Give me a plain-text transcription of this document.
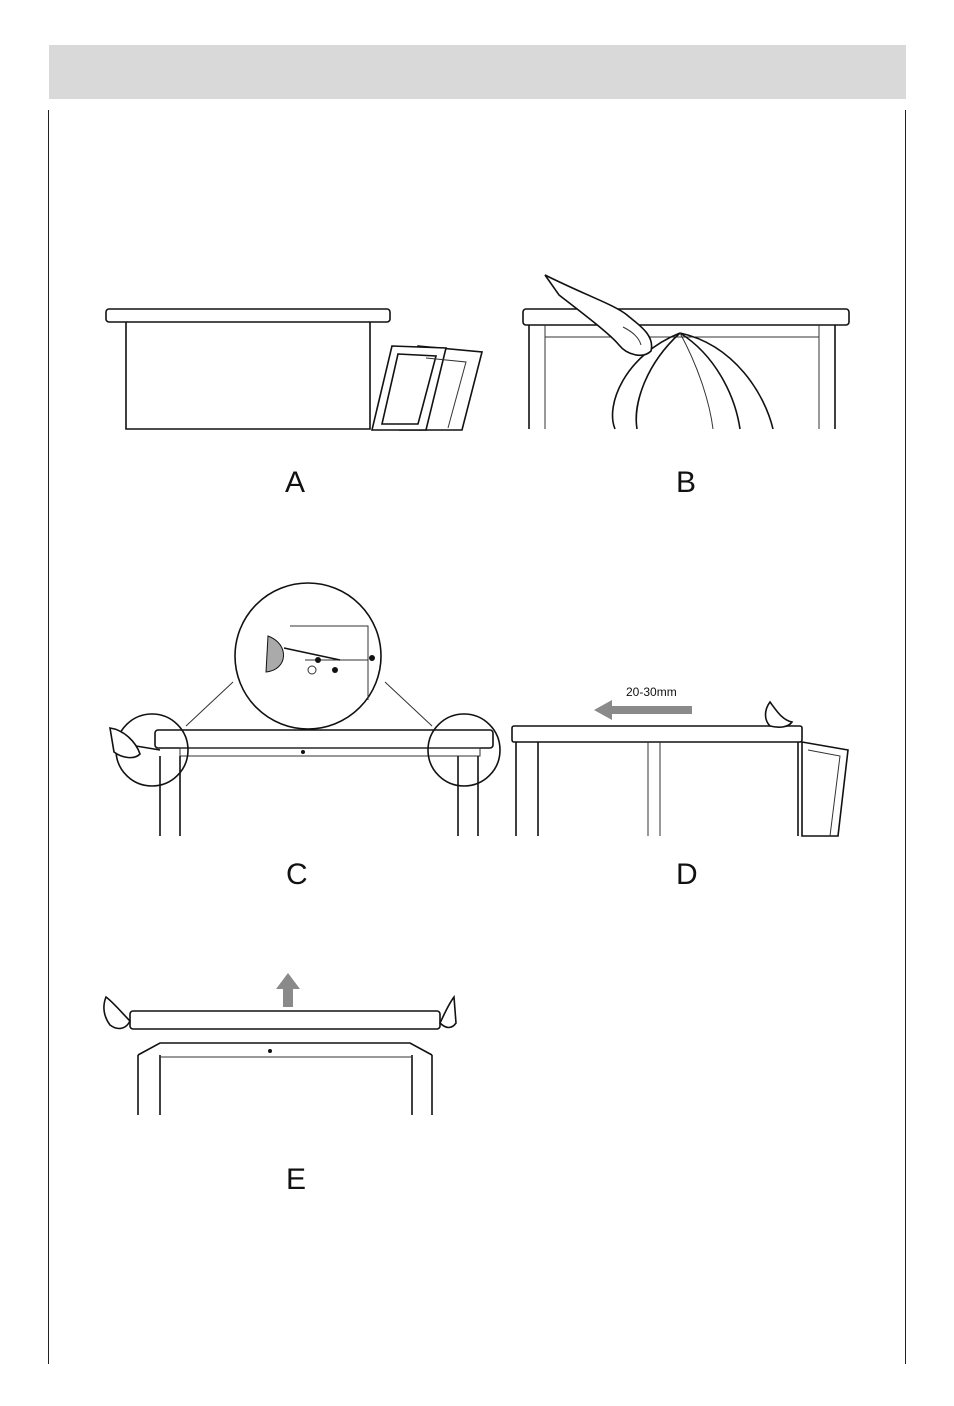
A	B
C
20-30mm
D
E
